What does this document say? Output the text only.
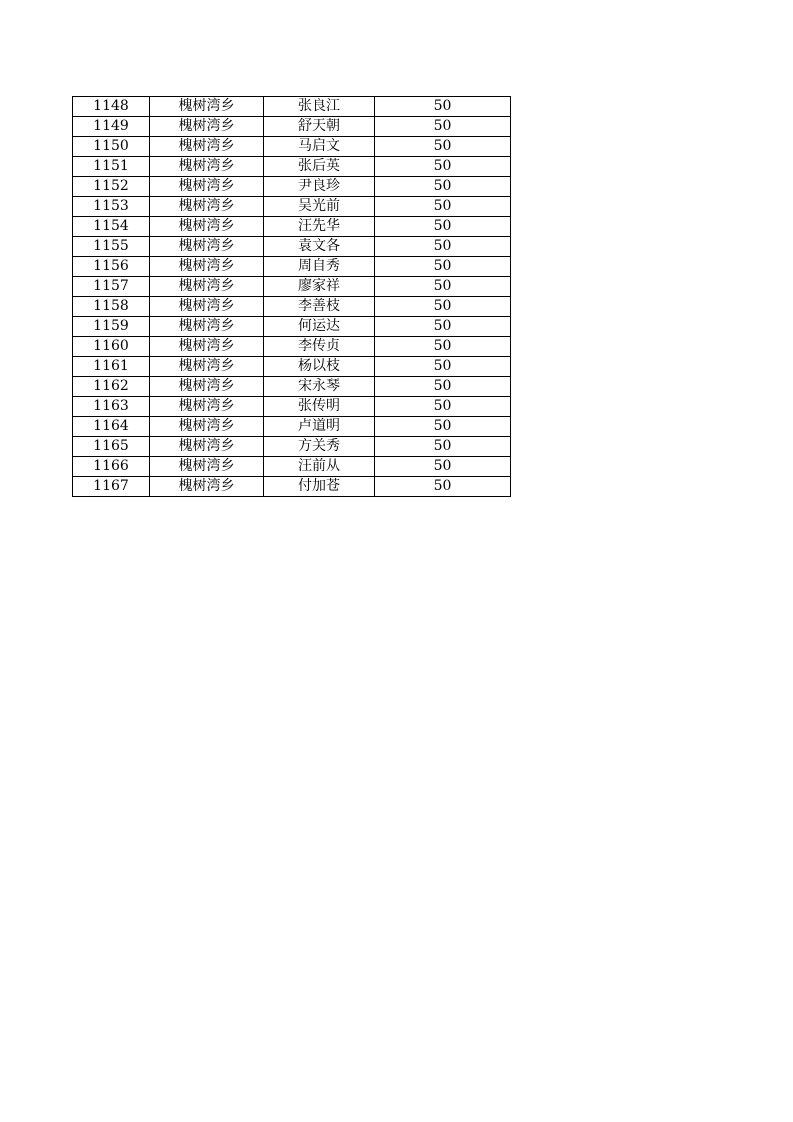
1148	槐树湾乡	张良江	50
1149	槐树湾乡	舒天朝	50
1150	槐树湾乡	马启文	50
1151	槐树湾乡	张后英	50
1152	槐树湾乡	尹良珍	50
1153	槐树湾乡	吴光前	50
1154	槐树湾乡	汪先华	50
1155	槐树湾乡	袁文各	50
1156	槐树湾乡	周自秀	50
1157	槐树湾乡	廖家祥	50
1158	槐树湾乡	李善枝	50
1159	槐树湾乡	何运达	50
1160	槐树湾乡	李传贞	50
1161	槐树湾乡	杨以枝	50
1162	槐树湾乡	宋永琴	50
1163	槐树湾乡	张传明	50
1164	槐树湾乡	卢道明	50
1165	槐树湾乡	方关秀	50
1166	槐树湾乡	汪前从	50
1167	槐树湾乡	付加苍	50
